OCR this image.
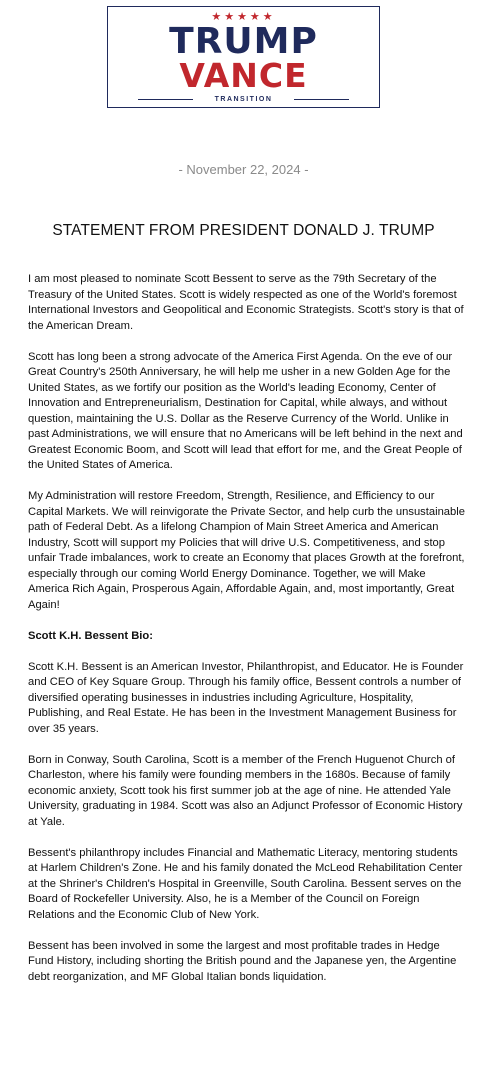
★★★★★
TRUMP
VANCE
TRANSITION
- November 22, 2024 -
STATEMENT FROM PRESIDENT DONALD J. TRUMP

I am most pleased to nominate Scott Bessent to serve as the 79th Secretary of the Treasury of the United States. Scott is widely respected as one of the World's foremost International Investors and Geopolitical and Economic Strategists. Scott's story is that of the American Dream.

Scott has long been a strong advocate of the America First Agenda. On the eve of our Great Country's 250th Anniversary, he will help me usher in a new Golden Age for the United States, as we fortify our position as the World's leading Economy, Center of Innovation and Entrepreneurialism, Destination for Capital, while always, and without question, maintaining the U.S. Dollar as the Reserve Currency of the World. Unlike in past Administrations, we will ensure that no Americans will be left behind in the next and Greatest Economic Boom, and Scott will lead that effort for me, and the Great People of the United States of America.

My Administration will restore Freedom, Strength, Resilience, and Efficiency to our Capital Markets. We will reinvigorate the Private Sector, and help curb the unsustainable path of Federal Debt. As a lifelong Champion of Main Street America and American Industry, Scott will support my Policies that will drive U.S. Competitiveness, and stop unfair Trade imbalances, work to create an Economy that places Growth at the forefront, especially through our coming World Energy Dominance. Together, we will Make America Rich Again, Prosperous Again, Affordable Again, and, most importantly, Great Again!

Scott K.H. Bessent Bio:

Scott K.H. Bessent is an American Investor, Philanthropist, and Educator. He is Founder and CEO of Key Square Group. Through his family office, Bessent controls a number of diversified operating businesses in industries including Agriculture, Hospitality, Publishing, and Real Estate. He has been in the Investment Management Business for over 35 years.

Born in Conway, South Carolina, Scott is a member of the French Huguenot Church of Charleston, where his family were founding members in the 1680s. Because of family economic anxiety, Scott took his first summer job at the age of nine. He attended Yale University, graduating in 1984. Scott was also an Adjunct Professor of Economic History at Yale.

Bessent's philanthropy includes Financial and Mathematic Literacy, mentoring students at Harlem Children's Zone. He and his family donated the McLeod Rehabilitation Center at the Shriner's Children's Hospital in Greenville, South Carolina. Bessent serves on the Board of Rockefeller University. Also, he is a Member of the Council on Foreign Relations and the Economic Club of New York.

Bessent has been involved in some the largest and most profitable trades in Hedge Fund History, including shorting the British pound and the Japanese yen, the Argentine debt reorganization, and MF Global Italian bonds liquidation.
